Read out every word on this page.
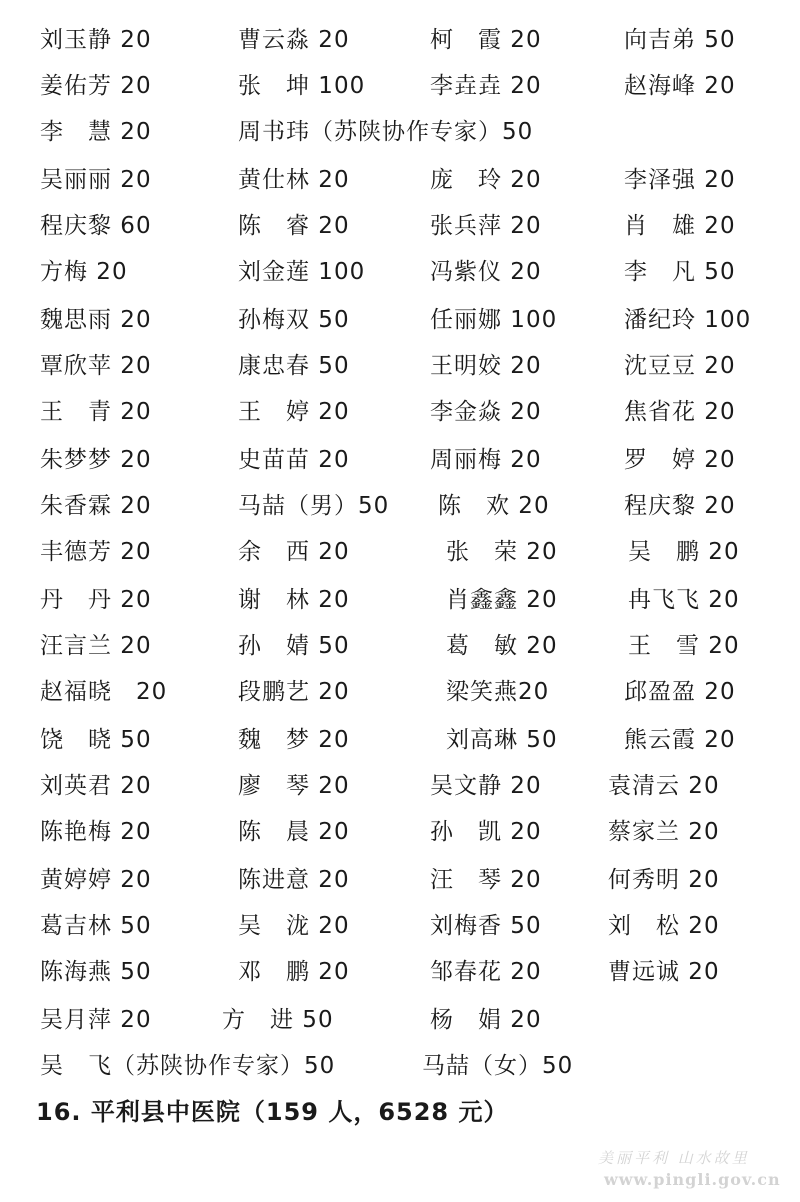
刘玉静 20	曹云淼 20	柯　霞 20	向吉弟 50
姜佑芳 20	张　坤 100	李垚垚 20	赵海峰 20
李　慧 20	周书玮（苏陕协作专家）50
吴丽丽 20	黄仕林 20	庞　玲 20	李泽强 20
程庆黎 60	陈　睿 20	张兵萍 20	肖　雄 20
方梅 20	刘金莲 100	冯紫仪 20	李　凡 50
魏思雨 20	孙梅双 50	任丽娜 100	潘纪玲 100
覃欣苹 20	康忠春 50	王明姣 20	沈豆豆 20
王　青 20	王　婷 20	李金焱 20	焦省花 20
朱梦梦 20	史苗苗 20	周丽梅 20	罗　婷 20
朱香霖 20	马喆（男）50 陈　欢 20	程庆黎 20
丰德芳 20	余　西 20	张　荣 20	吴　鹏 20
丹　丹 20	谢　林 20	肖鑫鑫 20	冉飞飞 20
汪言兰 20	孙　婧 50	葛　敏 20	王　雪 20
赵福晓　20	段鹏艺 20	梁笑燕20	邱盈盈 20
饶　晓 50	魏　梦 20	刘高琳 50	熊云霞 20
刘英君 20	廖　琴 20	吴文静 20	袁清云 20
陈艳梅 20	陈　晨 20	孙　凯 20	蔡家兰 20
黄婷婷 20	陈进意 20	汪　琴 20	何秀明 20
葛吉林 50	吴　泷 20	刘梅香 50	刘　松 20
陈海燕 50	邓　鹏 20	邹春花 20	曹远诚 20
吴月萍 20	方　进 50	杨　娟 20
吴　飞（苏陕协作专家）50	马喆（女）50
16. 平利县中医院（159 人，6528 元）
美丽平利 山水故里
www.pingli.gov.cn
